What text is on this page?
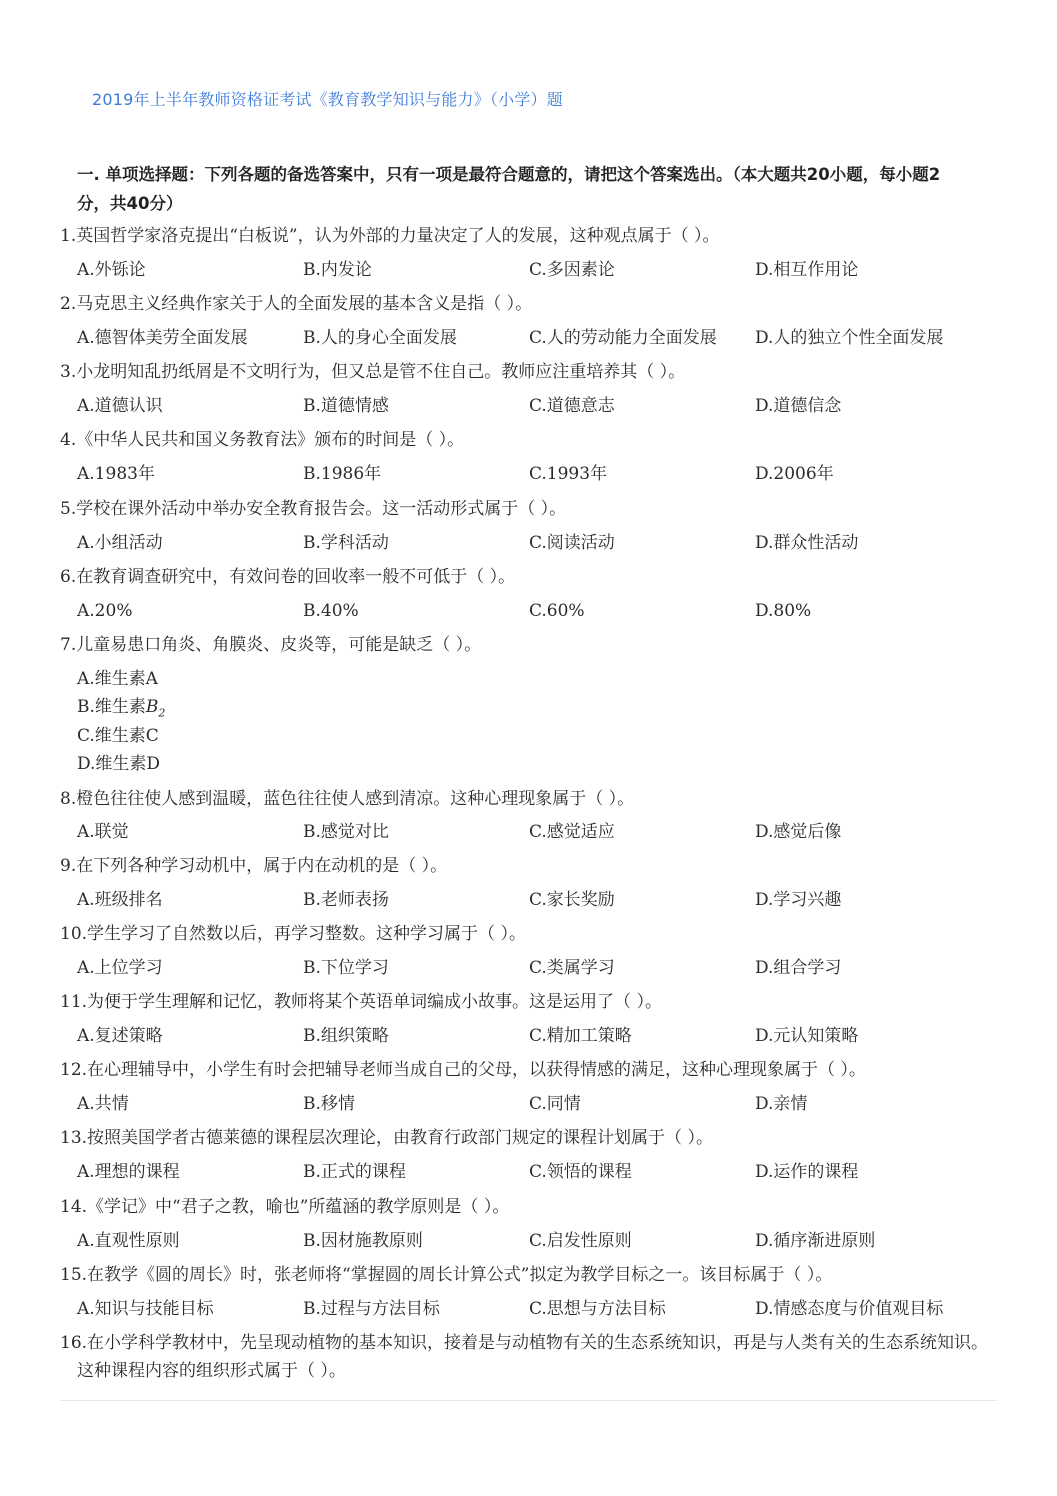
2019年上半年教师资格证考试《教育教学知识与能力》（小学）题
一. 单项选择题：下列各题的备选答案中，只有一项是最符合题意的，请把这个答案选出。（本大题共20小题，每小题2分，共40分）
1.英国哲学家洛克提出“白板说”，认为外部的力量决定了人的发展，这种观点属于（ ）。
A.外铄论	B.内发论	C.多因素论	D.相互作用论
2.马克思主义经典作家关于人的全面发展的基本含义是指（ ）。
A.德智体美劳全面发展	B.人的身心全面发展	C.人的劳动能力全面发展 D.人的独立个性全面发展
3.小龙明知乱扔纸屑是不文明行为，但又总是管不住自己。教师应注重培养其（ ）。
A.道德认识	B.道德情感	C.道德意志	D.道德信念
4.《中华人民共和国义务教育法》颁布的时间是（ ）。
A.1983年	B.1986年	C.1993年	D.2006年
5.学校在课外活动中举办安全教育报告会。这一活动形式属于（ ）。
A.小组活动	B.学科活动	C.阅读活动	D.群众性活动
6.在教育调查研究中，有效问卷的回收率一般不可低于（ ）。
A.20%	B.40%	C.60%	D.80%
7.儿童易患口角炎、角膜炎、皮炎等，可能是缺乏（ ）。
A.维生素A
B.维生素$B_2$
C.维生素C
D.维生素D
8.橙色往往使人感到温暖，蓝色往往使人感到清凉。这种心理现象属于（ ）。
A.联觉	B.感觉对比	C.感觉适应	D.感觉后像
9.在下列各种学习动机中，属于内在动机的是（ ）。
A.班级排名	B.老师表扬	C.家长奖励	D.学习兴趣
10.学生学习了自然数以后，再学习整数。这种学习属于（ ）。
A.上位学习	B.下位学习	C.类属学习	D.组合学习
11.为便于学生理解和记忆，教师将某个英语单词编成小故事。这是运用了（ ）。
A.复述策略	B.组织策略	C.精加工策略	D.元认知策略
12.在心理辅导中，小学生有时会把辅导老师当成自己的父母，以获得情感的满足，这种心理现象属于（ ）。
A.共情	B.移情	C.同情	D.亲情
13.按照美国学者古德莱德的课程层次理论，由教育行政部门规定的课程计划属于（ ）。
A.理想的课程	B.正式的课程	C.领悟的课程	D.运作的课程
14.《学记》中“君子之教，喻也”所蕴涵的教学原则是（ ）。
A.直观性原则	B.因材施教原则	C.启发性原则	D.循序渐进原则
15.在教学《圆的周长》时，张老师将“掌握圆的周长计算公式”拟定为教学目标之一。该目标属于（ ）。
A.知识与技能目标	B.过程与方法目标	C.思想与方法目标	D.情感态度与价值观目标
16.在小学科学教材中，先呈现动植物的基本知识，接着是与动植物有关的生态系统知识，再是与人类有关的生态系统知识。这种课程内容的组织形式属于（ ）。
